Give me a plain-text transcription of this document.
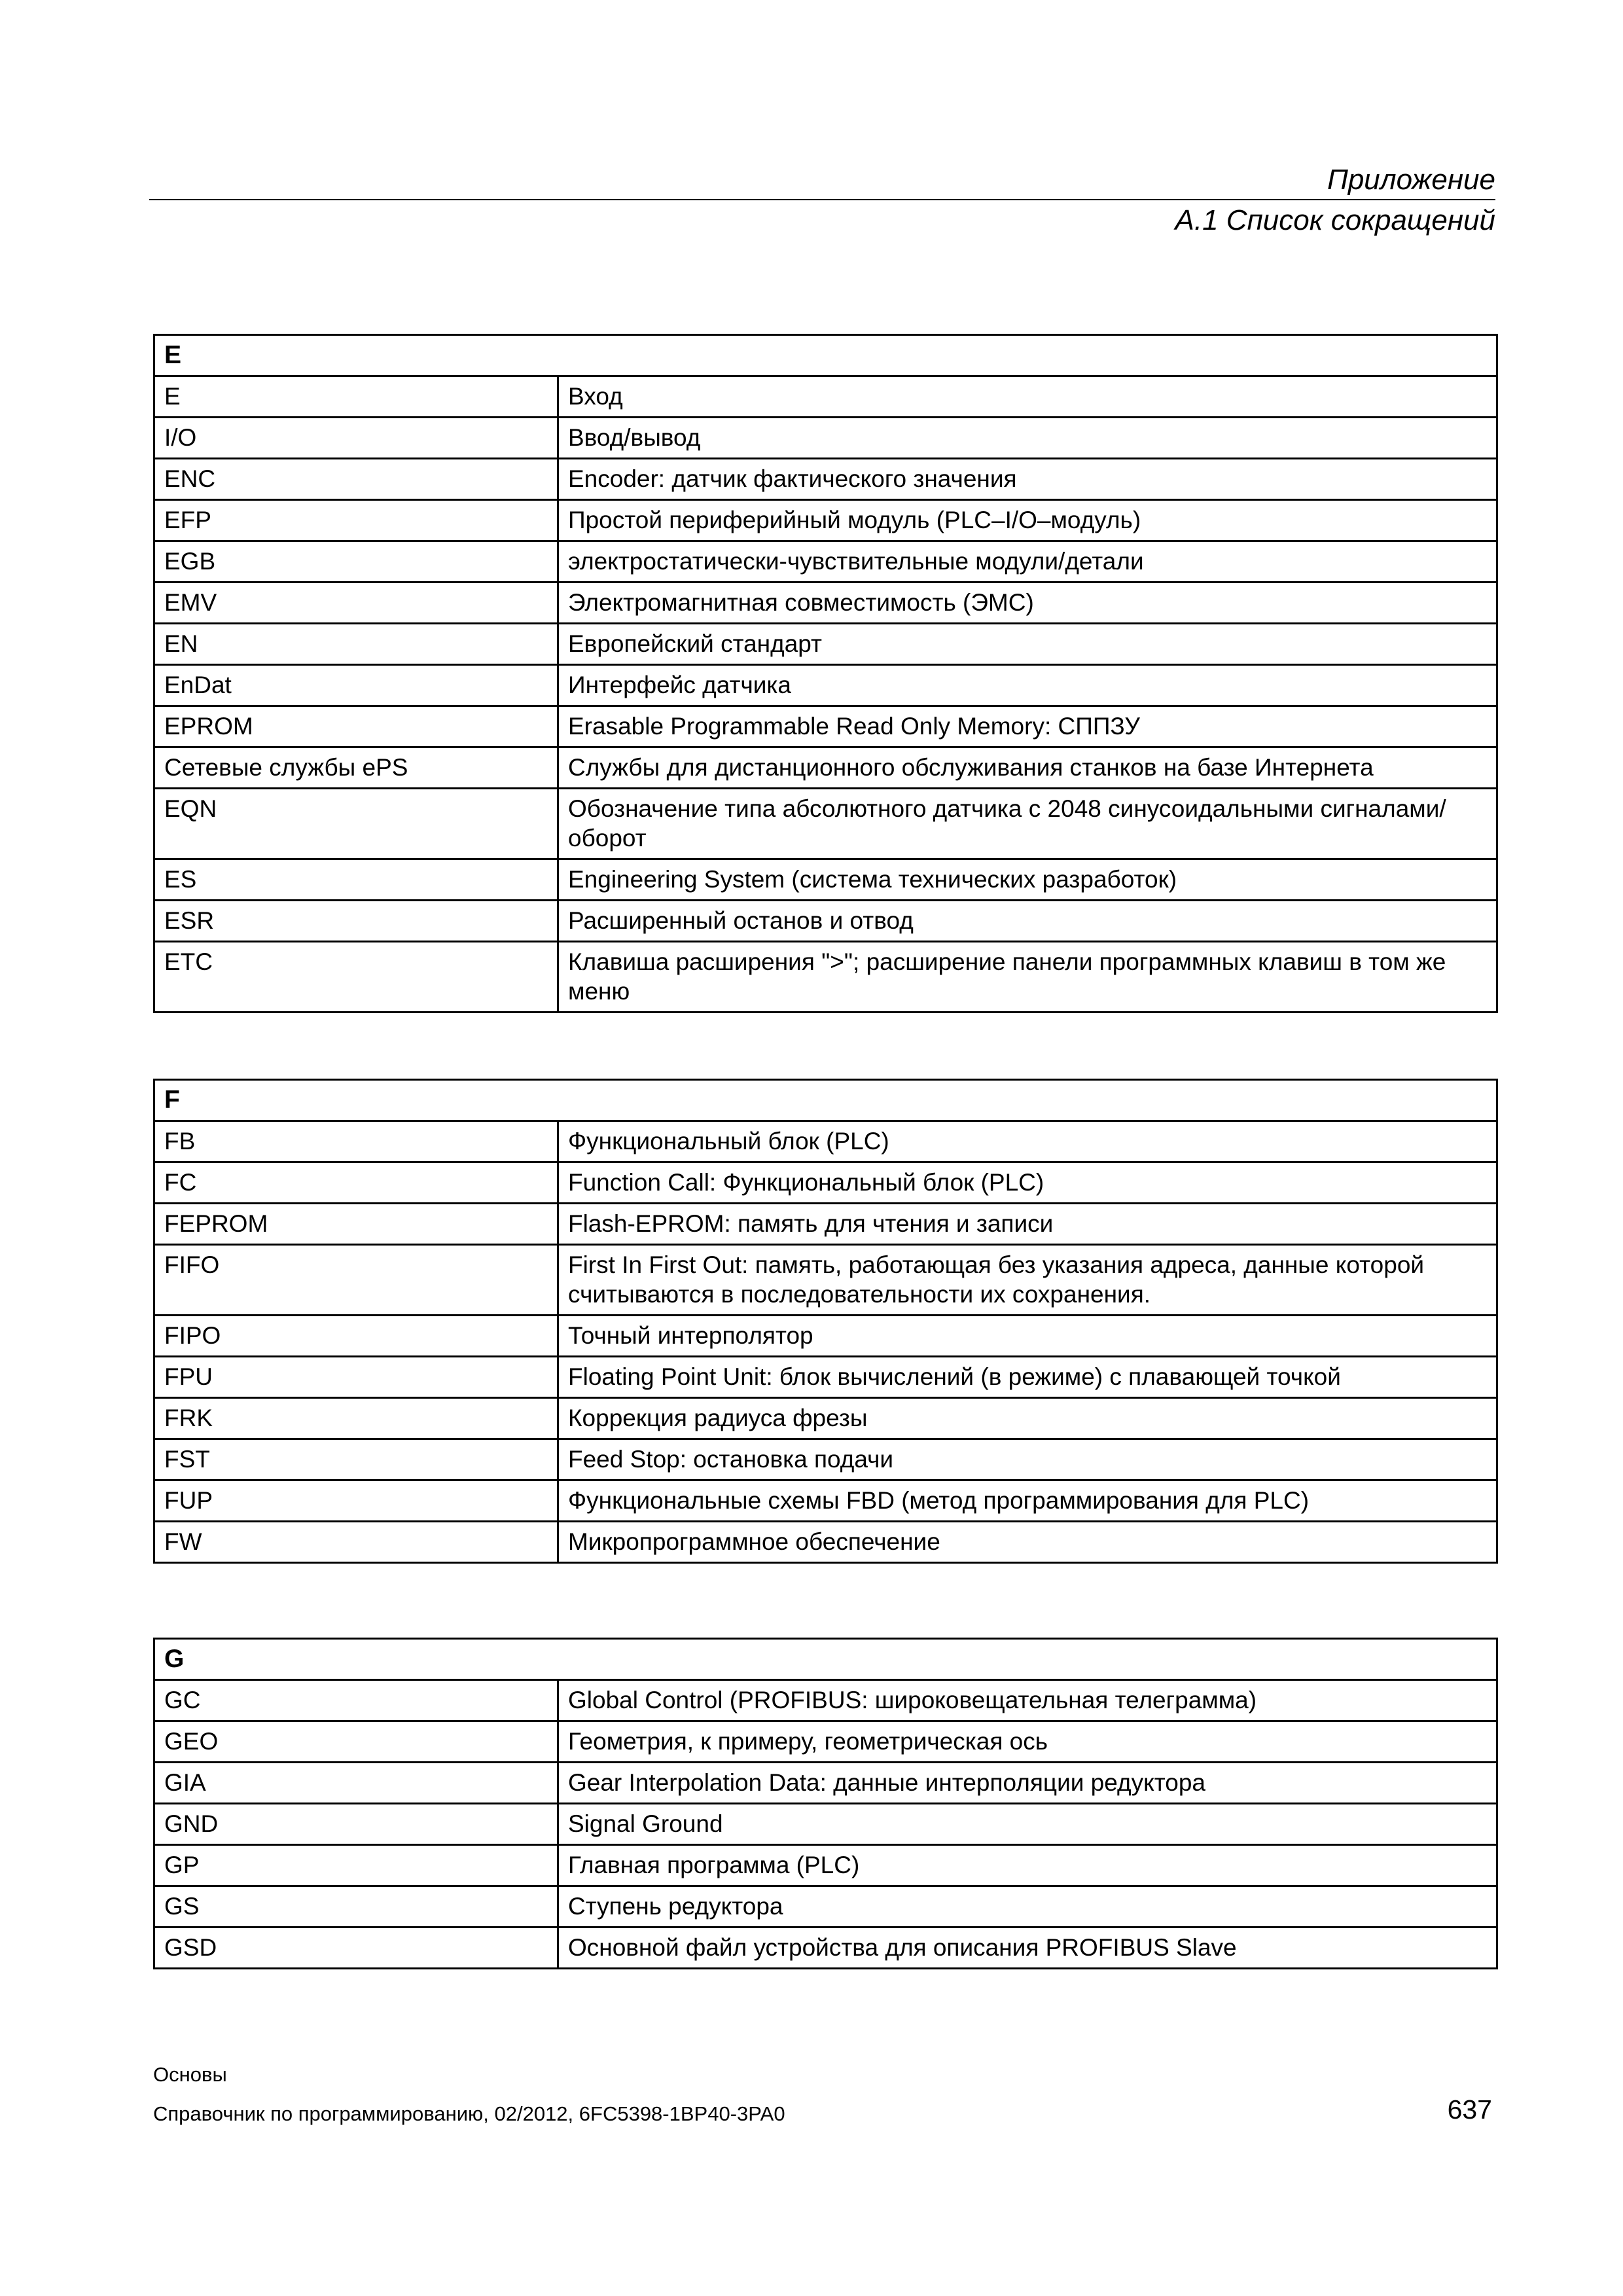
Приложение
A.1 Список сокращений
E	
E	Вход
I/O	Ввод/вывод
ENC	Encoder: датчик фактического значения
EFP	Простой периферийный модуль (PLC–I/O–модуль)
EGB	электростатически-чувствительные модули/детали
EMV	Электромагнитная совместимость (ЭМС)
EN	Европейский стандарт
EnDat	Интерфейс датчика
EPROM	Erasable Programmable Read Only Memory: СППЗУ
Сетевые службы ePS	Службы для дистанционного обслуживания станков на базе Интернета
EQN	Обозначение типа абсолютного датчика с 2048 синусоидальными сигналами/оборот
ES	Engineering System (система технических разработок)
ESR	Расширенный останов и отвод
ETC	Клавиша расширения ">"; расширение панели программных клавиш в том же меню
F	
FB	Функциональный блок (PLC)
FC	Function Call: Функциональный блок (PLC)
FEPROM	Flash-EPROM: память для чтения и записи
FIFO	First In First Out: память, работающая без указания адреса, данные которой считываются в последовательности их сохранения.
FIPO	Точный интерполятор
FPU	Floating Point Unit: блок вычислений (в режиме) с плавающей точкой
FRK	Коррекция радиуса фрезы
FST	Feed Stop: остановка подачи
FUP	Функциональные схемы FBD (метод программирования для PLC)
FW	Микропрограммное обеспечение
G	
GC	Global Control (PROFIBUS: широковещательная телеграмма)
GEO	Геометрия, к примеру, геометрическая ось
GIA	Gear Interpolation Data: данные интерполяции редуктора
GND	Signal Ground
GP	Главная программа (PLC)
GS	Ступень редуктора
GSD	Основной файл устройства для описания PROFIBUS Slave
Основы
Справочник по программированию, 02/2012, 6FC5398-1BP40-3PA0	637
